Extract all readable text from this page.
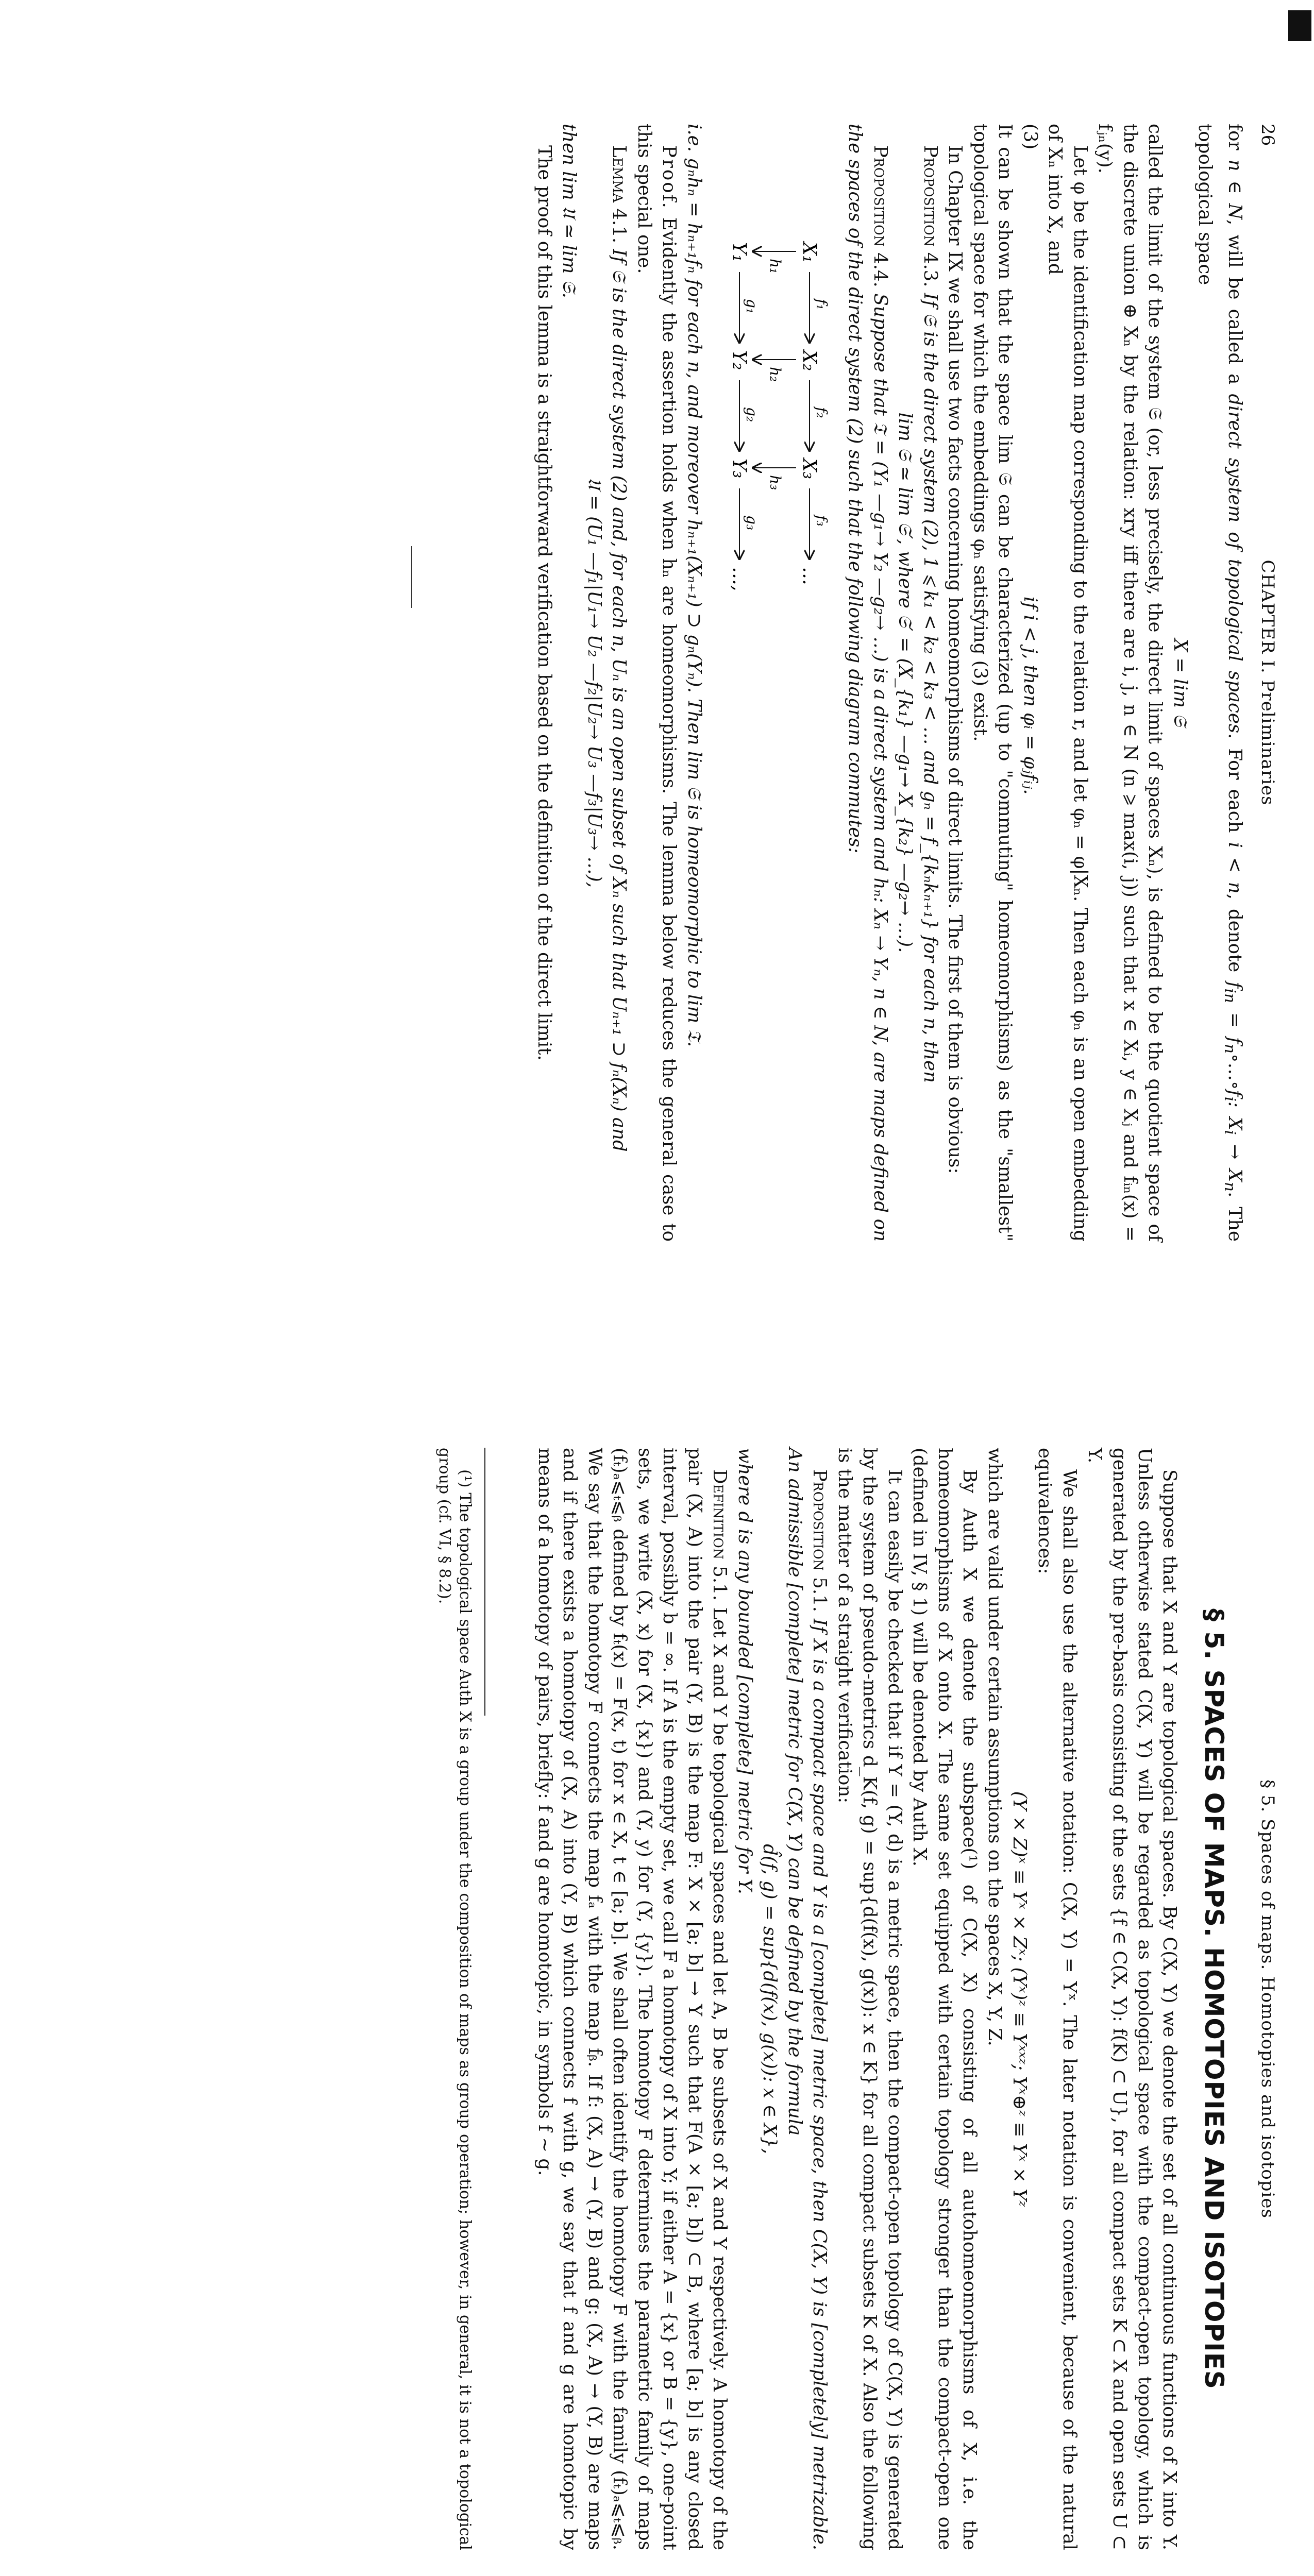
26
CHAPTER I. Preliminaries

for n ∈ N, will be called a direct system of topological spaces. For each i < n, denote $f_{in}$ = $f_n\circ\dots\circ f_i$: $X_i \to X_n$. The topological space

X = lim 𝔖

called the limit of the system 𝔖 (or, less precisely, the direct limit of spaces Xₙ), is defined to be the quotient space of the discrete union ⊕ Xₙ by the relation: xry iff there are i, j, n ∈ N (n ⩾ max(i, j)) such that x ∈ Xᵢ, y ∈ Xⱼ and fᵢₙ(x) = fⱼₙ(y).

Let φ be the identification map corresponding to the relation r, and let φₙ = φ|Xₙ. Then each φₙ is an open embedding of Xₙ into X, and

(3)
if i < j, then φᵢ = φⱼfᵢⱼ.

It can be shown that the space lim 𝔖 can be characterized (up to "commuting" homeomorphisms) as the "smallest" topological space for which the embeddings φₙ satisfying (3) exist.

In Chapter IX we shall use two facts concerning homeomorphisms of direct limits. The first of them is obvious:

Proposition 4.3. If 𝔖 is the direct system (2), 1 ⩽ k₁ < k₂ < k₃ < … and gₙ = f_{kₙkₙ₊₁} for each n, then

lim 𝔖 ≃ lim 𝔖′, where 𝔖′ = (X_{k₁} —g₁→ X_{k₂} —g₂→ …).

Proposition 4.4. Suppose that 𝔗 = (Y₁ —g₁→ Y₂ —g₂→ …) is a direct system and hₙ: Xₙ → Yₙ, n ∈ N, are maps defined on the spaces of the direct system (2) such that the following diagram commutes:

X₁
X₂
X₃
…
f₁
f₂
f₃
h₁
h₂
h₃
Y₁
Y₂
Y₃
…,
g₁
g₂
g₃

i.e. gₙhₙ = hₙ₊₁fₙ for each n, and moreover hₙ₊₁(Xₙ₊₁) ⊃ gₙ(Yₙ). Then lim 𝔖 is homeomorphic to lim 𝔗.

Proof. Evidently the assertion holds when hₙ are homeomorphisms. The lemma below reduces the general case to this special one.

Lemma 4.1. If 𝔖 is the direct system (2) and, for each n, Uₙ is an open subset of Xₙ such that Uₙ₊₁ ⊃ fₙ(Xₙ) and

𝔘 = (U₁ —f₁|U₁→ U₂ —f₂|U₂→ U₃ —f₃|U₃→ …),

then lim 𝔘 ≃ lim 𝔖.

The proof of this lemma is a straightforward verification based on the definition of the direct limit.

§ 5. Spaces of maps. Homotopies and isotopies
§ 5. SPACES OF MAPS. HOMOTOPIES AND ISOTOPIES

Suppose that X and Y are topological spaces. By C(X, Y) we denote the set of all continuous functions of X into Y. Unless otherwise stated C(X, Y) will be regarded as topological space with the compact-open topology, which is generated by the pre-basis consisting of the sets {f ∈ C(X, Y): f(K) ⊂ U}, for all compact sets K ⊂ X and open sets U ⊂ Y.

We shall also use the alternative notation: C(X, Y) = Yˣ. The later notation is convenient, because of the natural equivalences:

(Y × Z)ˣ ≡ Yˣ × Zˣ; (Yˣ)ᶻ ≡ Yˣˣᶻ; Yˣ⊕ᶻ ≡ Yˣ × Yᶻ

which are valid under certain assumptions on the spaces X, Y, Z.

By Auth X we denote the subspace(¹) of C(X, X) consisting of all autohomeomorphisms of X, i.e. the homeomorphisms of X onto X. The same set equipped with certain topology stronger than the compact-open one (defined in IV, § 1) will be denoted by Auth X.

It can easily be checked that if Y = (Y, d) is a metric space, then the compact-open topology of C(X, Y) is generated by the system of pseudo-metrics d_K(f, g) = sup{d(f(x), g(x)): x ∈ K} for all compact subsets K of X. Also the following is the matter of a straight verification:

Proposition 5.1. If X is a compact space and Y is a [complete] metric space, then C(X, Y) is [completely] metrizable. An admissible [complete] metric for C(X, Y) can be defined by the formula

d̂(f, g) = sup{d(f(x), g(x)): x ∈ X},

where d is any bounded [complete] metric for Y.

Definition 5.1. Let X and Y be topological spaces and let A, B be subsets of X and Y respectively. A homotopy of the pair (X, A) into the pair (Y, B) is the map F: X × [a; b] → Y such that F(A × [a; b]) ⊂ B, where [a; b] is any closed interval, possibly b = ∞. If A is the empty set, we call F a homotopy of X into Y; if either A = {x} or B = {y}, one-point sets, we write (X, x) for (X, {x}) and (Y, y) for (Y, {y}). The homotopy F determines the parametric family of maps (fₜ)ₐ⩽ₜ⩽ᵦ defined by fₜ(x) = F(x, t) for x ∈ X, t ∈ [a; b]. We shall often identify the homotopy F with the family (fₜ)ₐ⩽ₜ⩽ᵦ. We say that the homotopy F connects the map fₐ with the map fᵦ. If f: (X, A) → (Y, B) and g: (X, A) → (Y, B) are maps and if there exists a homotopy of (X, A) into (Y, B) which connects f with g, we say that f and g are homotopic by means of a homotopy of pairs, briefly: f and g are homotopic, in symbols f ∼ g.

(¹) The topological space Auth X is a group under the composition of maps as group operation; however, in general, it is not a topological group (cf. VI, § 8.2).
